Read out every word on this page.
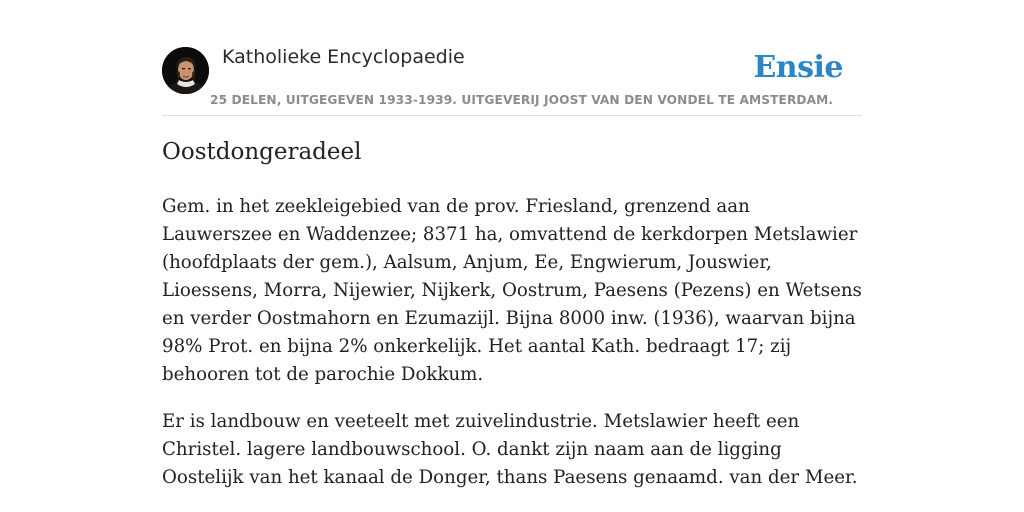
Katholieke Encyclopaedie	Ensie
25 DELEN, UITGEGEVEN 1933-1939. UITGEVERIJ JOOST VAN DEN VONDEL TE AMSTERDAM.
Oostdongeradeel

Gem. in het zeekleigebied van de prov. Friesland, grenzend aan Lauwerszee en Waddenzee; 8371 ha, omvattend de kerkdorpen Metslawier (hoofdplaats der gem.), Aalsum, Anjum, Ee, Engwierum, Jouswier, Lioessens, Morra, Nijewier, Nijkerk, Oostrum, Paesens (Pezens) en Wetsens en verder Oostmahorn en Ezumazijl. Bijna 8000 inw. (1936), waarvan bijna 98% Prot. en bijna 2% onkerkelijk. Het aantal Kath. bedraagt 17; zij behooren tot de parochie Dokkum.

Er is landbouw en veeteelt met zuivelindustrie. Metslawier heeft een Christel. lagere landbouwschool. O. dankt zijn naam aan de ligging Oostelijk van het kanaal de Donger, thans Paesens genaamd. van der Meer.
